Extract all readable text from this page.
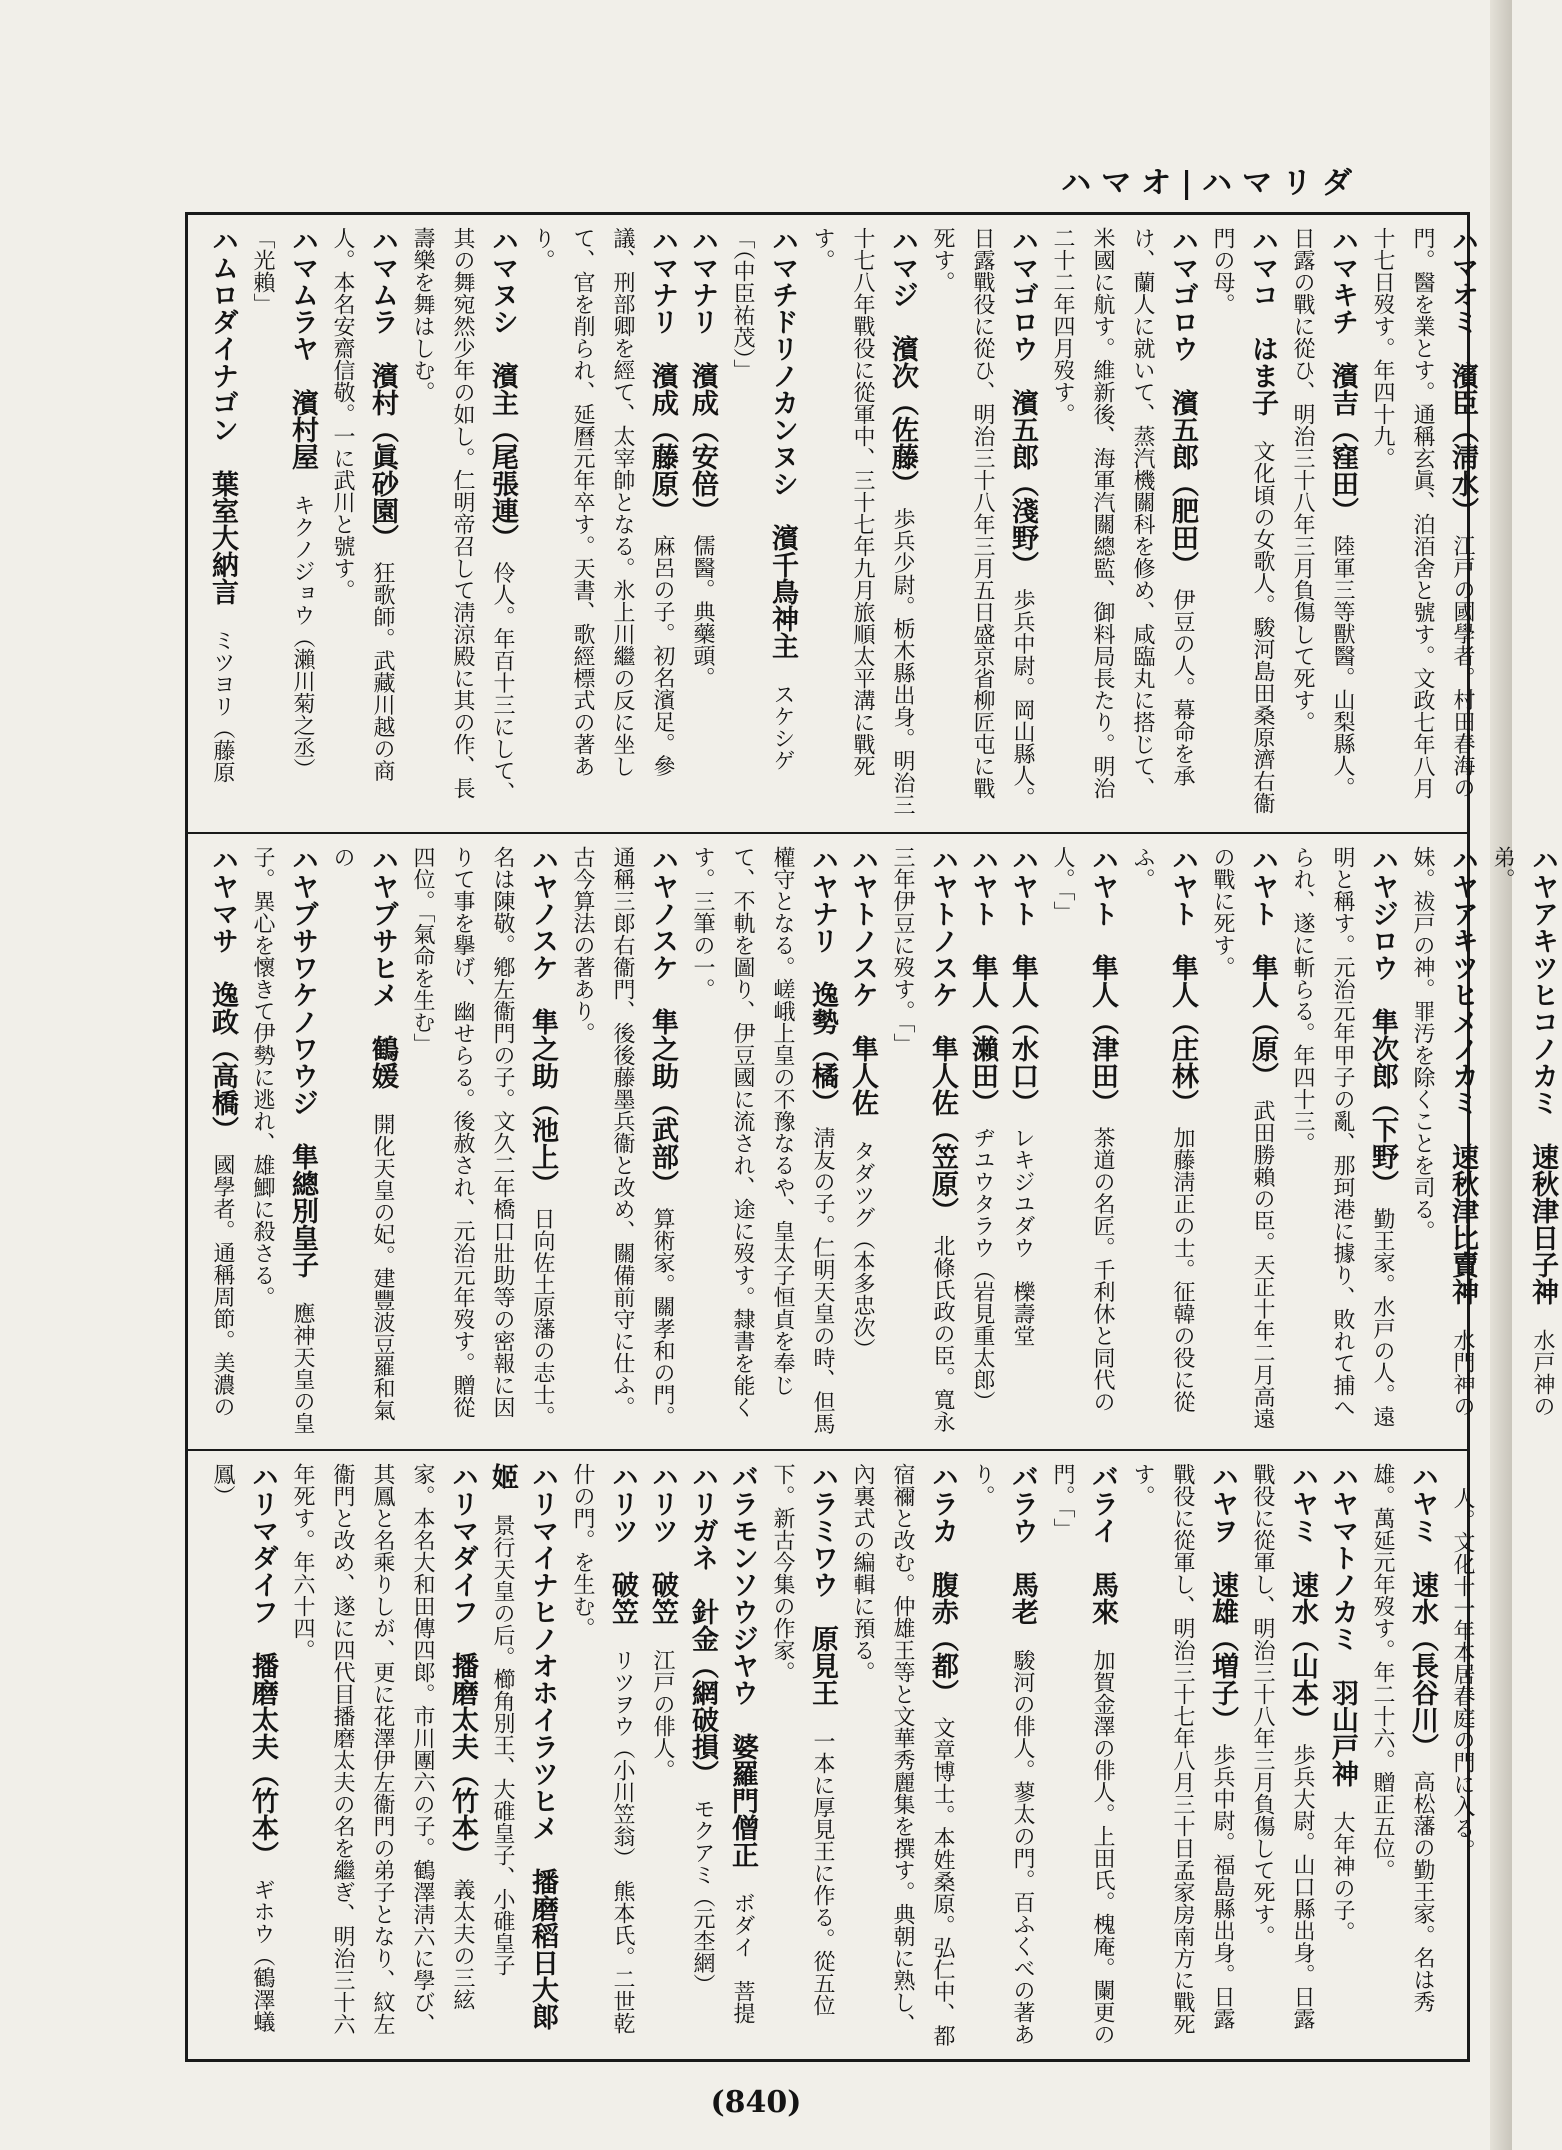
ハマオ|ハマリダ

ハマオミ　濱臣（淸水）　江戸の國學者。村田春海の門。醫を業とす。通稱玄眞、泊洦舍と號す。文政七年八月十七日歿す。年四十九。

ハマキチ　濱吉（窪田）　陸軍三等獸醫。山梨縣人。日露の戰に從ひ、明治三十八年三月負傷して死す。

ハマコ　はま子　文化頃の女歌人。駿河島田桑原濟右衞門の母。

ハマゴロウ　濱五郎（肥田）　伊豆の人。幕命を承け、蘭人に就いて、蒸汽機關科を修め、咸臨丸に搭じて、米國に航す。維新後、海軍汽關總監、御料局長たり。明治二十二年四月歿す。

ハマゴロウ　濱五郎（淺野）　歩兵中尉。岡山縣人。日露戰役に從ひ、明治三十八年三月五日盛京省柳匠屯に戰死す。

ハマジ　濱次（佐藤）　歩兵少尉。栃木縣出身。明治三十七八年戰役に從軍中、三十七年九月旅順太平溝に戰死す。

ハマチドリノカンヌシ　濱千鳥神主　スケシゲ「（中臣祐茂）」

ハマナリ　濱成（安倍）　儒醫。典藥頭。

ハマナリ　濱成（藤原）　麻呂の子。初名濱足。參議、刑部卿を經て、太宰帥となる。氷上川繼の反に坐して、官を削られ、延曆元年卒す。天書、歌經標式の著あり。

ハマヌシ　濱主（尾張連）　伶人。年百十三にして、其の舞宛然少年の如し。仁明帝召して淸涼殿に其の作、長壽樂を舞はしむ。

ハマムラ　濱村（眞砂園）　狂歌師。武藏川越の商人。本名安齋信敬。一に武川と號す。

ハマムラヤ　濱村屋　キクノジョウ（瀨川菊之丞）　「光賴」

ハムロダイナゴン　葉室大納言　ミツヨリ（藤原

ハヤアキツヒコノカミ　速秋津日子神　水戸神の弟。

ハヤアキツヒメノカミ　速秋津比賣神　水門神の妹。祓戸の神。罪汚を除くことを司る。

ハヤジロウ　隼次郎（下野）　勤王家。水戸の人。遠明と稱す。元治元年甲子の亂、那珂港に據り、敗れて捕へられ、遂に斬らる。年四十三。

ハヤト　隼人（原）　武田勝賴の臣。天正十年二月高遠の戰に死す。

ハヤト　隼人（庄林）　加藤淸正の士。征韓の役に從ふ。

ハヤト　隼人（津田）　茶道の名匠。千利休と同代の人。「」

ハヤト　隼人（水口）　レキジユダウ　櫟壽堂

ハヤト　隼人（瀨田）　ヂユウタラウ（岩見重太郎）

ハヤトノスケ　隼人佐（笠原）　北條氏政の臣。寬永三年伊豆に歿す。「」

ハヤトノスケ　隼人佐　タダツグ（本多忠次）

ハヤナリ　逸勢（橘）　淸友の子。仁明天皇の時、但馬權守となる。嵯峨上皇の不豫なるや、皇太子恒貞を奉じて、不軌を圖り、伊豆國に流され、途に歿す。隸書を能くす。三筆の一。

ハヤノスケ　隼之助（武部）　算術家。關孝和の門。通稱三郞右衞門、後後藤墨兵衞と改め、關備前守に仕ふ。古今算法の著あり。

ハヤノスケ　隼之助（池上）　日向佐土原藩の志士。名は陳敬。鄕左衞門の子。文久二年橋口壯助等の密報に因りて事を擧げ、幽せらる。後赦され、元治元年歿す。贈從四位。「氣命を生む」

ハヤブサヒメ　鶴媛　開化天皇の妃。建豐波豆羅和氣の

ハヤブサワケノワウジ　隼總別皇子　應神天皇の皇子。異心を懷きて伊勢に逃れ、雄鯽に殺さる。

ハヤマサ　逸政（高橋）　國學者。通稱周節。美濃の

　人。文化十一年本居春庭の門に入る。

ハヤミ　速水（長谷川）　高松藩の勤王家。名は秀雄。萬延元年歿す。年二十六。贈正五位。

ハヤマトノカミ　羽山戸神　大年神の子。

ハヤミ　速水（山本）　歩兵大尉。山口縣出身。日露戰役に從軍し、明治三十八年三月負傷して死す。

ハヤヲ　速雄（増子）　歩兵中尉。福島縣出身。日露戰役に從軍し、明治三十七年八月三十日孟家房南方に戰死す。

バライ　馬來　加賀金澤の俳人。上田氏。槐庵。闌更の門。「」

バラウ　馬老　駿河の俳人。蓼太の門。百ふくべの著あり。

ハラカ　腹赤（都）　文章博士。本姓桑原。弘仁中、都宿禰と改む。仲雄王等と文華秀麗集を撰す。典朝に熟し、內裏式の編輯に預る。

ハラミワウ　原見王　一本に厚見王に作る。從五位下。新古今集の作家。

バラモンソウジヤウ　婆羅門僧正　ボダイ　菩提

ハリガネ　針金（網破損）　モクアミ（元杢網）

ハリツ　破笠　江戸の俳人。

ハリツ　破笠　リツヲウ（小川笠翁）　熊本氏。二世乾什の門。を生む。

ハリマイナヒノオホイラツヒメ　播磨稻日大郞姬　景行天皇の后。櫛角別王、大碓皇子、小碓皇子

ハリマダイフ　播磨太夫（竹本）　義太夫の三絃家。本名大和田傳四郞。市川團六の子。鶴澤淸六に學び、其鳳と名乘りしが、更に花澤伊左衞門の弟子となり、紋左衞門と改め、遂に四代目播磨太夫の名を繼ぎ、明治三十六年死す。年六十四。

ハリマダイフ　播磨太夫（竹本）　ギホウ（鶴澤蟻鳳）

(840)
